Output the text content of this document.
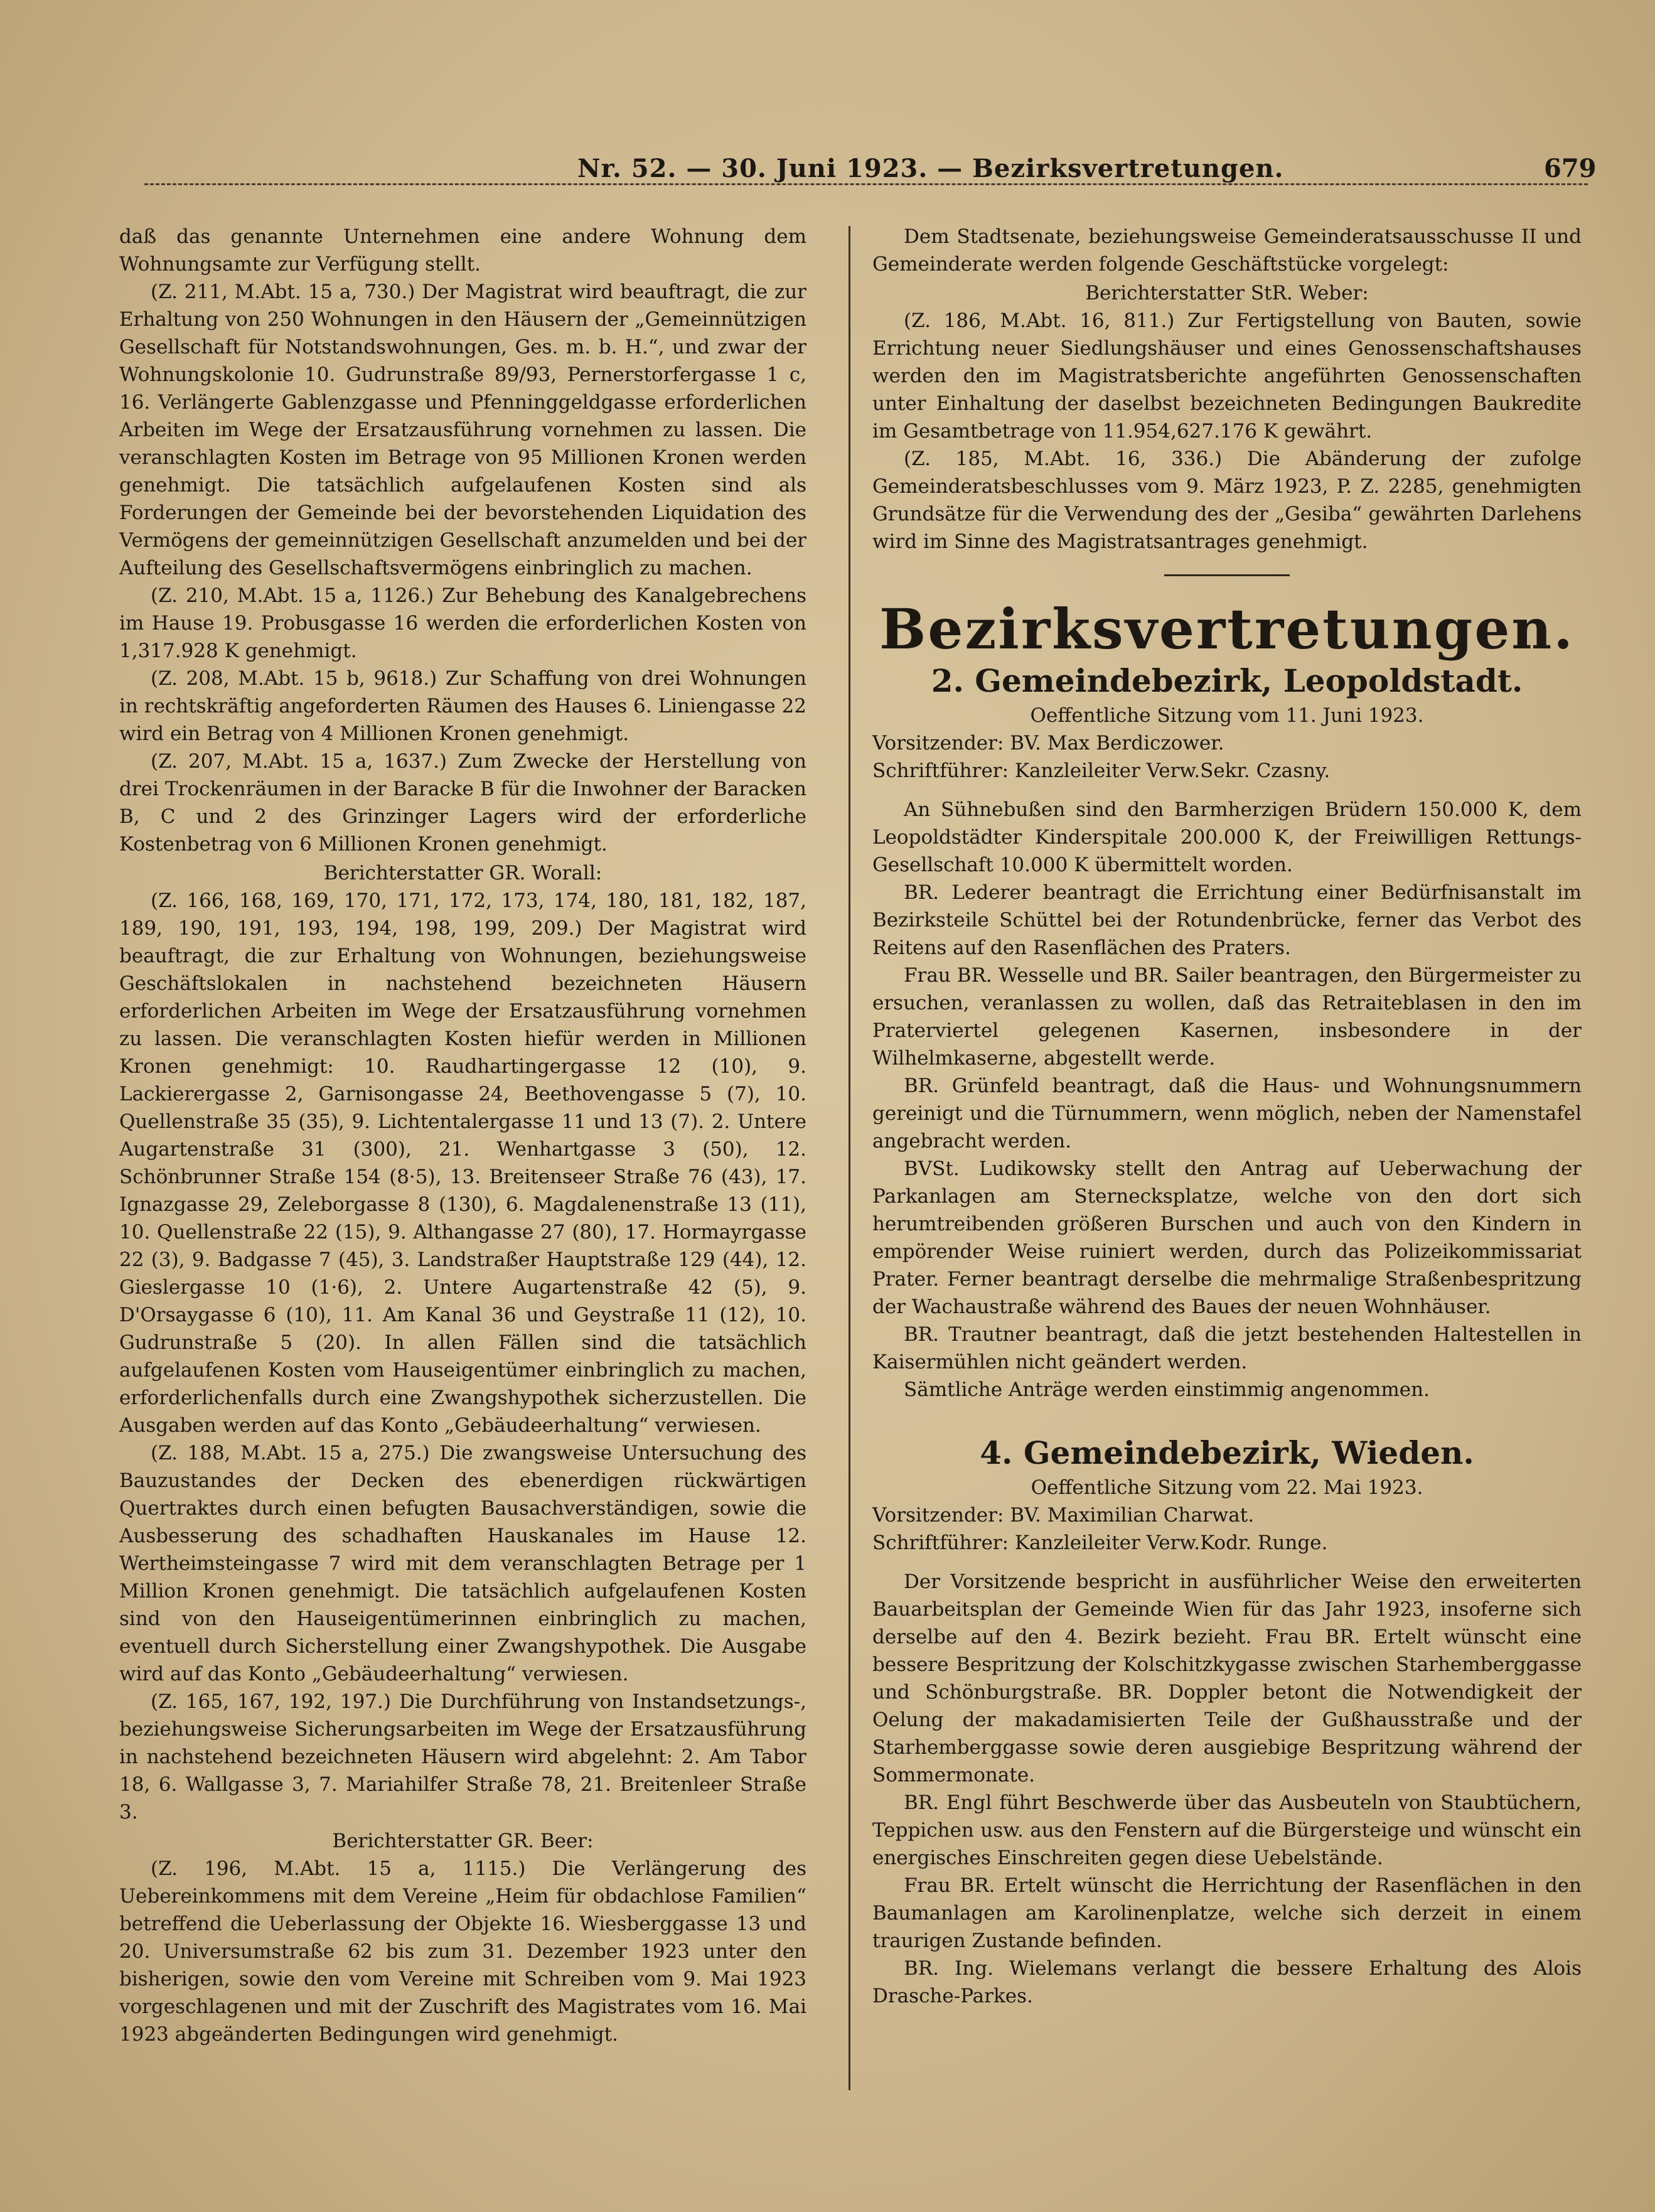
Nr. 52. — 30. Juni 1923. — Bezirksvertretungen.	679

daß das genannte Unternehmen eine andere Wohnung dem Wohnungsamte zur Verfügung stellt.

(Z. 211, M.Abt. 15 a, 730.) Der Magistrat wird beauftragt, die zur Erhaltung von 250 Wohnungen in den Häusern der „Gemeinnützigen Gesellschaft für Notstandswohnungen, Ges. m. b. H.“, und zwar der Wohnungskolonie 10. Gudrunstraße 89/93, Pernerstorfergasse 1 c, 16. Verlängerte Gablenzgasse und Pfenninggeldgasse erforderlichen Arbeiten im Wege der Ersatzausführung vornehmen zu lassen. Die veranschlagten Kosten im Betrage von 95 Millionen Kronen werden genehmigt. Die tatsächlich aufgelaufenen Kosten sind als Forderungen der Gemeinde bei der bevorstehenden Liquidation des Vermögens der gemeinnützigen Gesellschaft anzumelden und bei der Aufteilung des Gesellschaftsvermögens einbringlich zu machen.

(Z. 210, M.Abt. 15 a, 1126.) Zur Behebung des Kanalgebrechens im Hause 19. Probusgasse 16 werden die erforderlichen Kosten von 1,317.928 K genehmigt.

(Z. 208, M.Abt. 15 b, 9618.) Zur Schaffung von drei Wohnungen in rechtskräftig angeforderten Räumen des Hauses 6. Liniengasse 22 wird ein Betrag von 4 Millionen Kronen genehmigt.

(Z. 207, M.Abt. 15 a, 1637.) Zum Zwecke der Herstellung von drei Trockenräumen in der Baracke B für die Inwohner der Baracken B, C und 2 des Grinzinger Lagers wird der erforderliche Kostenbetrag von 6 Millionen Kronen genehmigt.

Berichterstatter GR. Worall:

(Z. 166, 168, 169, 170, 171, 172, 173, 174, 180, 181, 182, 187, 189, 190, 191, 193, 194, 198, 199, 209.) Der Magistrat wird beauftragt, die zur Erhaltung von Wohnungen, beziehungsweise Geschäftslokalen in nachstehend bezeichneten Häusern erforderlichen Arbeiten im Wege der Ersatzausführung vornehmen zu lassen. Die veranschlagten Kosten hiefür werden in Millionen Kronen genehmigt: 10. Raudhartingergasse 12 (10), 9. Lackierergasse 2, Garnisongasse 24, Beethovengasse 5 (7), 10. Quellenstraße 35 (35), 9. Lichtentalergasse 11 und 13 (7). 2. Untere Augartenstraße 31 (300), 21. Wenhartgasse 3 (50), 12. Schönbrunner Straße 154 (8·5), 13. Breitenseer Straße 76 (43), 17. Ignazgasse 29, Zeleborgasse 8 (130), 6. Magdalenenstraße 13 (11), 10. Quellenstraße 22 (15), 9. Althangasse 27 (80), 17. Hormayrgasse 22 (3), 9. Badgasse 7 (45), 3. Landstraßer Hauptstraße 129 (44), 12. Gieslergasse 10 (1·6), 2. Untere Augartenstraße 42 (5), 9. D'Orsaygasse 6 (10), 11. Am Kanal 36 und Geystraße 11 (12), 10. Gudrunstraße 5 (20). In allen Fällen sind die tatsächlich aufgelaufenen Kosten vom Hauseigentümer einbringlich zu machen, erforderlichenfalls durch eine Zwangshypothek sicherzustellen. Die Ausgaben werden auf das Konto „Gebäudeerhaltung“ verwiesen.

(Z. 188, M.Abt. 15 a, 275.) Die zwangsweise Untersuchung des Bauzustandes der Decken des ebenerdigen rückwärtigen Quertraktes durch einen befugten Bausachverständigen, sowie die Ausbesserung des schadhaften Hauskanales im Hause 12. Wertheimsteingasse 7 wird mit dem veranschlagten Betrage per 1 Million Kronen genehmigt. Die tatsächlich aufgelaufenen Kosten sind von den Hauseigentümerinnen einbringlich zu machen, eventuell durch Sicherstellung einer Zwangshypothek. Die Ausgabe wird auf das Konto „Gebäudeerhaltung“ verwiesen.

(Z. 165, 167, 192, 197.) Die Durchführung von Instandsetzungs-, beziehungsweise Sicherungsarbeiten im Wege der Ersatzausführung in nachstehend bezeichneten Häusern wird abgelehnt: 2. Am Tabor 18, 6. Wallgasse 3, 7. Mariahilfer Straße 78, 21. Breitenleer Straße 3.

Berichterstatter GR. Beer:

(Z. 196, M.Abt. 15 a, 1115.) Die Verlängerung des Uebereinkommens mit dem Vereine „Heim für obdachlose Familien“ betreffend die Ueberlassung der Objekte 16. Wiesberggasse 13 und 20. Universumstraße 62 bis zum 31. Dezember 1923 unter den bisherigen, sowie den vom Vereine mit Schreiben vom 9. Mai 1923 vorgeschlagenen und mit der Zuschrift des Magistrates vom 16. Mai 1923 abgeänderten Bedingungen wird genehmigt.

Dem Stadtsenate, beziehungsweise Gemeinderatsausschusse II und Gemeinderate werden folgende Geschäftstücke vorgelegt:

Berichterstatter StR. Weber:

(Z. 186, M.Abt. 16, 811.) Zur Fertigstellung von Bauten, sowie Errichtung neuer Siedlungshäuser und eines Genossenschaftshauses werden den im Magistratsberichte angeführten Genossenschaften unter Einhaltung der daselbst bezeichneten Bedingungen Baukredite im Gesamtbetrage von 11.954,627.176 K gewährt.

(Z. 185, M.Abt. 16, 336.) Die Abänderung der zufolge Gemeinderatsbeschlusses vom 9. März 1923, P. Z. 2285, genehmigten Grundsätze für die Verwendung des der „Gesiba“ gewährten Darlehens wird im Sinne des Magistratsantrages genehmigt.

Bezirksvertretungen.
2. Gemeindebezirk, Leopoldstadt.

Oeffentliche Sitzung vom 11. Juni 1923.

Vorsitzender: BV. Max Berdiczower.

Schriftführer: Kanzleileiter Verw.Sekr. Czasny.

An Sühnebußen sind den Barmherzigen Brüdern 150.000 K, dem Leopoldstädter Kinderspitale 200.000 K, der Freiwilligen Rettungs-Gesellschaft 10.000 K übermittelt worden.

BR. Lederer beantragt die Errichtung einer Bedürfnisanstalt im Bezirksteile Schüttel bei der Rotundenbrücke, ferner das Verbot des Reitens auf den Rasenflächen des Praters.

Frau BR. Wesselle und BR. Sailer beantragen, den Bürgermeister zu ersuchen, veranlassen zu wollen, daß das Retraiteblasen in den im Praterviertel gelegenen Kasernen, insbesondere in der Wilhelmkaserne, abgestellt werde.

BR. Grünfeld beantragt, daß die Haus- und Wohnungsnummern gereinigt und die Türnummern, wenn möglich, neben der Namenstafel angebracht werden.

BVSt. Ludikowsky stellt den Antrag auf Ueberwachung der Parkanlagen am Sternecksplatze, welche von den dort sich herumtreibenden größeren Burschen und auch von den Kindern in empörender Weise ruiniert werden, durch das Polizeikommissariat Prater. Ferner beantragt derselbe die mehrmalige Straßenbespritzung der Wachaustraße während des Baues der neuen Wohnhäuser.

BR. Trautner beantragt, daß die jetzt bestehenden Haltestellen in Kaisermühlen nicht geändert werden.

Sämtliche Anträge werden einstimmig angenommen.

4. Gemeindebezirk, Wieden.

Oeffentliche Sitzung vom 22. Mai 1923.

Vorsitzender: BV. Maximilian Charwat.

Schriftführer: Kanzleileiter Verw.Kodr. Runge.

Der Vorsitzende bespricht in ausführlicher Weise den erweiterten Bauarbeitsplan der Gemeinde Wien für das Jahr 1923, insoferne sich derselbe auf den 4. Bezirk bezieht. Frau BR. Ertelt wünscht eine bessere Bespritzung der Kolschitzkygasse zwischen Starhemberggasse und Schönburgstraße. BR. Doppler betont die Notwendigkeit der Oelung der makadamisierten Teile der Gußhausstraße und der Starhemberggasse sowie deren ausgiebige Bespritzung während der Sommermonate.

BR. Engl führt Beschwerde über das Ausbeuteln von Staubtüchern, Teppichen usw. aus den Fenstern auf die Bürgersteige und wünscht ein energisches Einschreiten gegen diese Uebelstände.

Frau BR. Ertelt wünscht die Herrichtung der Rasenflächen in den Baumanlagen am Karolinenplatze, welche sich derzeit in einem traurigen Zustande befinden.

BR. Ing. Wielemans verlangt die bessere Erhaltung des Alois Drasche-Parkes.
